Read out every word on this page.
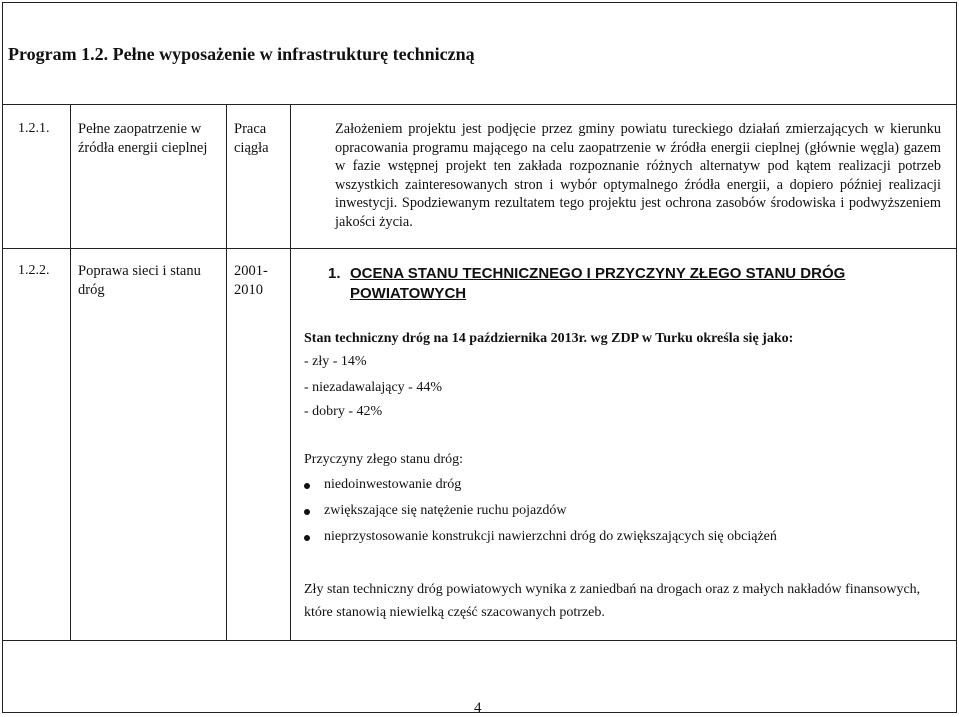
Program 1.2. Pełne wyposażenie w infrastrukturę techniczną
1.2.1. Pełne zaopatrzenie w źródła energii cieplnej
Praca ciągła
Założeniem projektu jest podjęcie przez gminy powiatu tureckiego działań zmierzających w kierunku opracowania programu mającego na celu zaopatrzenie w źródła energii cieplnej (głównie węgla) gazem w fazie wstępnej projekt ten zakłada rozpoznanie różnych alternatyw pod kątem realizacji potrzeb wszystkich zainteresowanych stron i wybór optymalnego źródła energii, a dopiero później realizacji inwestycji. Spodziewanym rezultatem tego projektu jest ochrona zasobów środowiska i podwyższeniem jakości życia.
1.2.2. Poprawa sieci i stanu dróg
2001-2010
1. OCENA STANU TECHNICZNEGO I PRZYCZYNY ZŁEGO STANU DRÓG POWIATOWYCH
Stan techniczny dróg na 14 października 2013r. wg ZDP w Turku określa się jako:
- zły - 14%
- niezadawalający - 44%
- dobry - 42%
Przyczyny złego stanu dróg:
niedoinwestowanie dróg
zwiększające się natężenie ruchu pojazdów
nieprzystosowanie konstrukcji nawierzchni dróg do zwiększających się obciążeń
Zły stan techniczny dróg powiatowych wynika z zaniedbań na drogach oraz z małych nakładów finansowych, które stanowią niewielką część szacowanych potrzeb.
4
